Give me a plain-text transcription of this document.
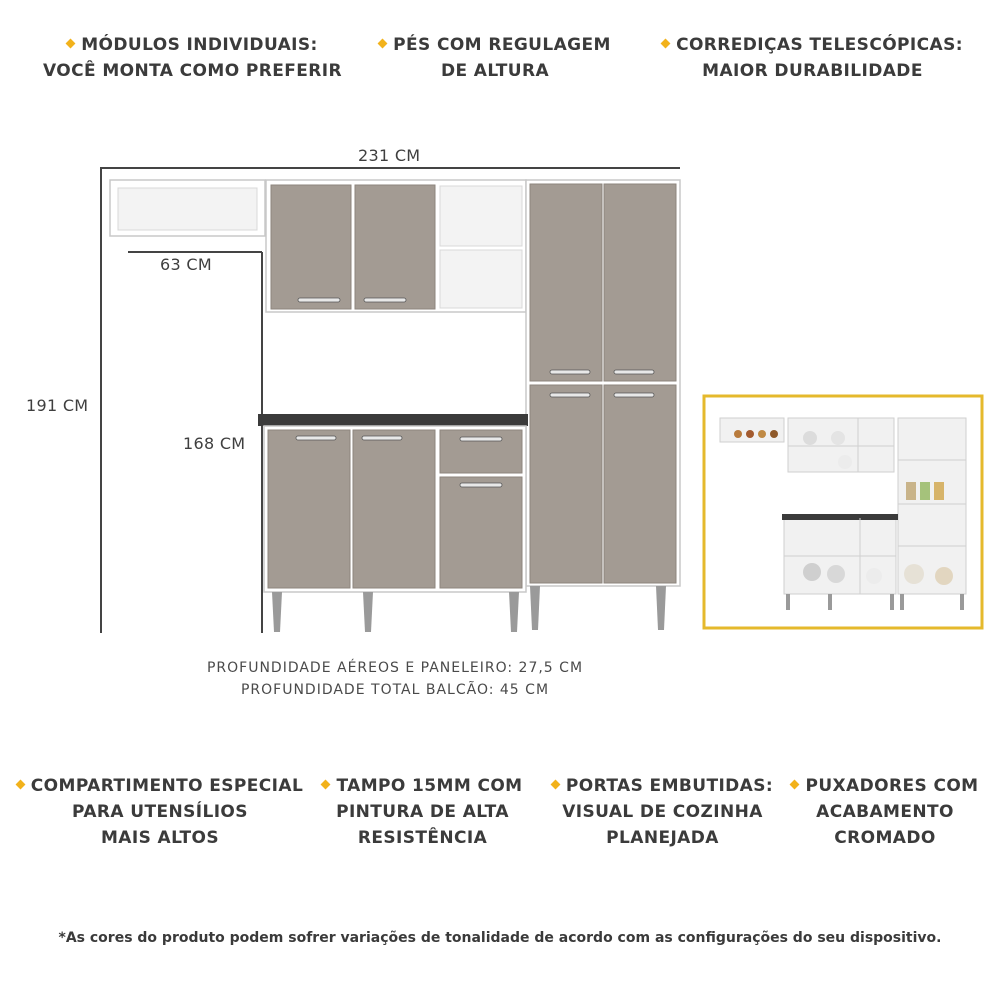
MÓDULOS INDIVIDUAIS:
VOCÊ MONTA COMO PREFERIR
PÉS COM REGULAGEM
DE ALTURA
CORREDIÇAS TELESCÓPICAS:
MAIOR DURABILIDADE
231 CM
63 CM
191 CM
168 CM
PROFUNDIDADE AÉREOS E PANELEIRO: 27,5 CM
PROFUNDIDADE TOTAL BALCÃO: 45 CM
COMPARTIMENTO ESPECIAL
PARA UTENSÍLIOS
MAIS ALTOS
TAMPO 15MM COM
PINTURA DE ALTA
RESISTÊNCIA
PORTAS EMBUTIDAS:
VISUAL DE COZINHA
PLANEJADA
PUXADORES COM
ACABAMENTO
CROMADO
*As cores do produto podem sofrer variações de tonalidade de acordo com as configurações do seu dispositivo.
